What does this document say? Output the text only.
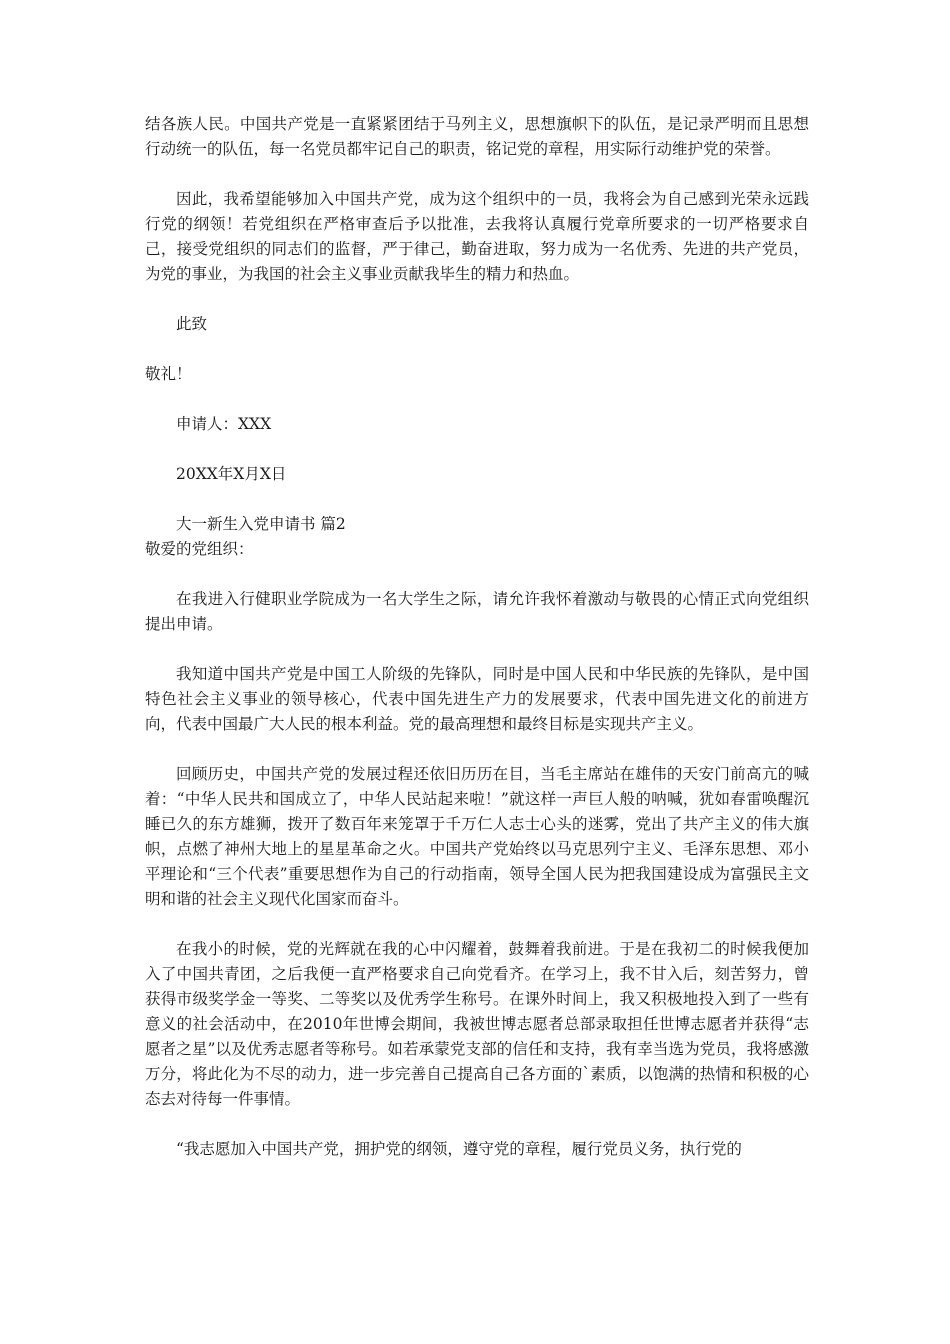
结各族人民。中国共产党是一直紧紧团结于马列主义，思想旗帜下的队伍，是记录严明而且思想行动统一的队伍，每一名党员都牢记自己的职责，铭记党的章程，用实际行动维护党的荣誉。

因此，我希望能够加入中国共产党，成为这个组织中的一员，我将会为自己感到光荣永远践行党的纲领！若党组织在严格审查后予以批准，去我将认真履行党章所要求的一切严格要求自己，接受党组织的同志们的监督，严于律己，勤奋进取，努力成为一名优秀、先进的共产党员，为党的事业，为我国的社会主义事业贡献我毕生的精力和热血。

此致

敬礼！

申请人：XXX

20XX年X月X日

大一新生入党申请书 篇2

敬爱的党组织：

在我进入行健职业学院成为一名大学生之际，请允许我怀着激动与敬畏的心情正式向党组织提出申请。

我知道中国共产党是中国工人阶级的先锋队，同时是中国人民和中华民族的先锋队，是中国特色社会主义事业的领导核心，代表中国先进生产力的发展要求，代表中国先进文化的前进方向，代表中国最广大人民的根本利益。党的最高理想和最终目标是实现共产主义。

回顾历史，中国共产党的发展过程还依旧历历在目，当毛主席站在雄伟的天安门前高亢的喊着：“中华人民共和国成立了，中华人民站起来啦！”就这样一声巨人般的呐喊，犹如春雷唤醒沉睡已久的东方雄狮，拨开了数百年来笼罩于千万仁人志士心头的迷雾，党出了共产主义的伟大旗帜，点燃了神州大地上的星星革命之火。中国共产党始终以马克思列宁主义、毛泽东思想、邓小平理论和“三个代表”重要思想作为自己的行动指南，领导全国人民为把我国建设成为富强民主文明和谐的社会主义现代化国家而奋斗。

在我小的时候，党的光辉就在我的心中闪耀着，鼓舞着我前进。于是在我初二的时候我便加入了中国共青团，之后我便一直严格要求自己向党看齐。在学习上，我不甘入后，刻苦努力，曾获得市级奖学金一等奖、二等奖以及优秀学生称号。在课外时间上，我又积极地投入到了一些有意义的社会活动中，在2010年世博会期间，我被世博志愿者总部录取担任世博志愿者并获得“志愿者之星”以及优秀志愿者等称号。如若承蒙党支部的信任和支持，我有幸当选为党员，我将感激万分，将此化为不尽的动力，进一步完善自己提高自己各方面的`素质，以饱满的热情和积极的心态去对待每一件事情。

“我志愿加入中国共产党，拥护党的纲领，遵守党的章程，履行党员义务，执行党的
